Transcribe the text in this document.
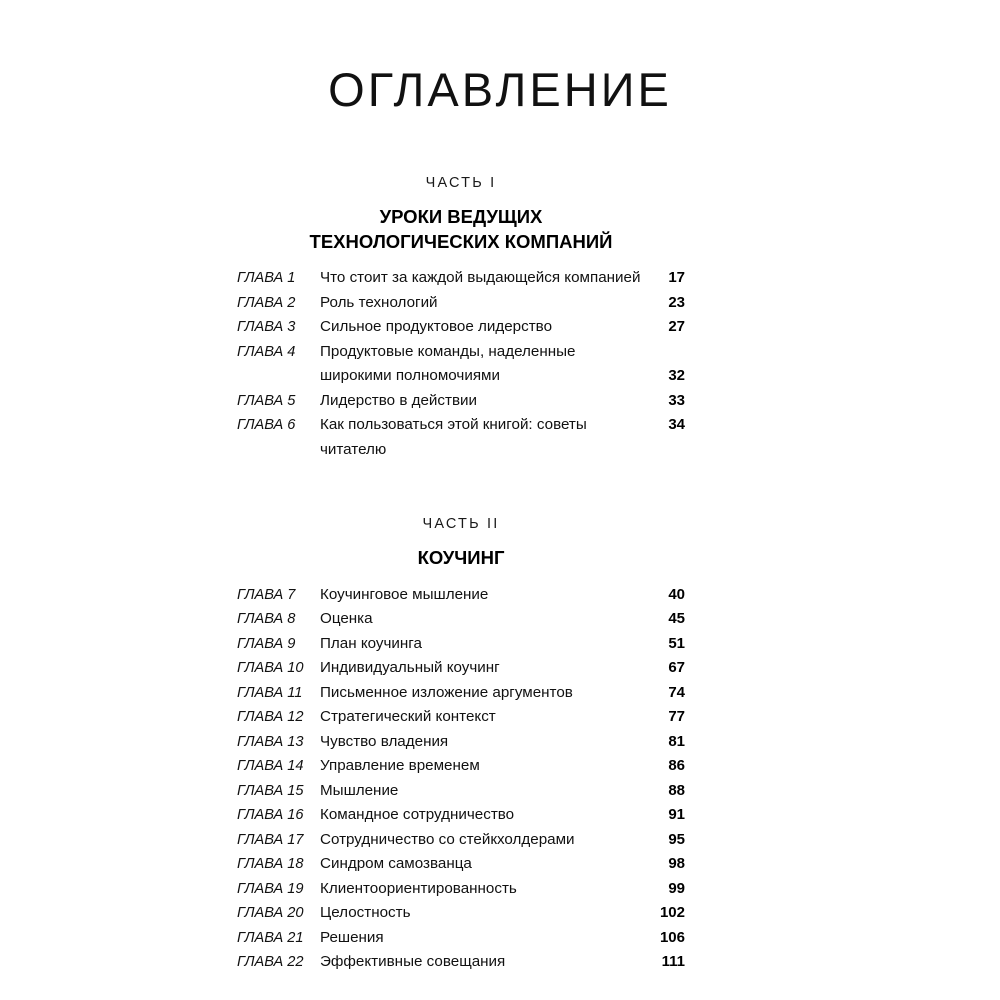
ОГЛАВЛЕНИЕ
ЧАСТЬ I
УРОКИ ВЕДУЩИХ
ТЕХНОЛОГИЧЕСКИХ КОМПАНИЙ
ГЛАВА 1	Что стоит за каждой выдающейся компанией	17
ГЛАВА 2	Роль технологий	23
ГЛАВА 3	Сильное продуктовое лидерство	27
ГЛАВА 4	Продуктовые команды, наделенные
широкими полномочиями	32
ГЛАВА 5	Лидерство в действии	33
ГЛАВА 6	Как пользоваться этой книгой: советы читателю
34
ЧАСТЬ II
КОУЧИНГ
ГЛАВА 7	Коучинговое мышление	40
ГЛАВА 8	Оценка	45
ГЛАВА 9	План коучинга	51
ГЛАВА 10	Индивидуальный коучинг	67
ГЛАВА 11	Письменное изложение аргументов	74
ГЛАВА 12	Стратегический контекст	77
ГЛАВА 13	Чувство владения	81
ГЛАВА 14	Управление временем	86
ГЛАВА 15	Мышление	88
ГЛАВА 16	Командное сотрудничество	91
ГЛАВА 17	Сотрудничество со стейкхолдерами	95
ГЛАВА 18	Синдром самозванца	98
ГЛАВА 19	Клиентоориентированность	99
ГЛАВА 20	Целостность	102
ГЛАВА 21	Решения	106
ГЛАВА 22	Эффективные совещания	111
